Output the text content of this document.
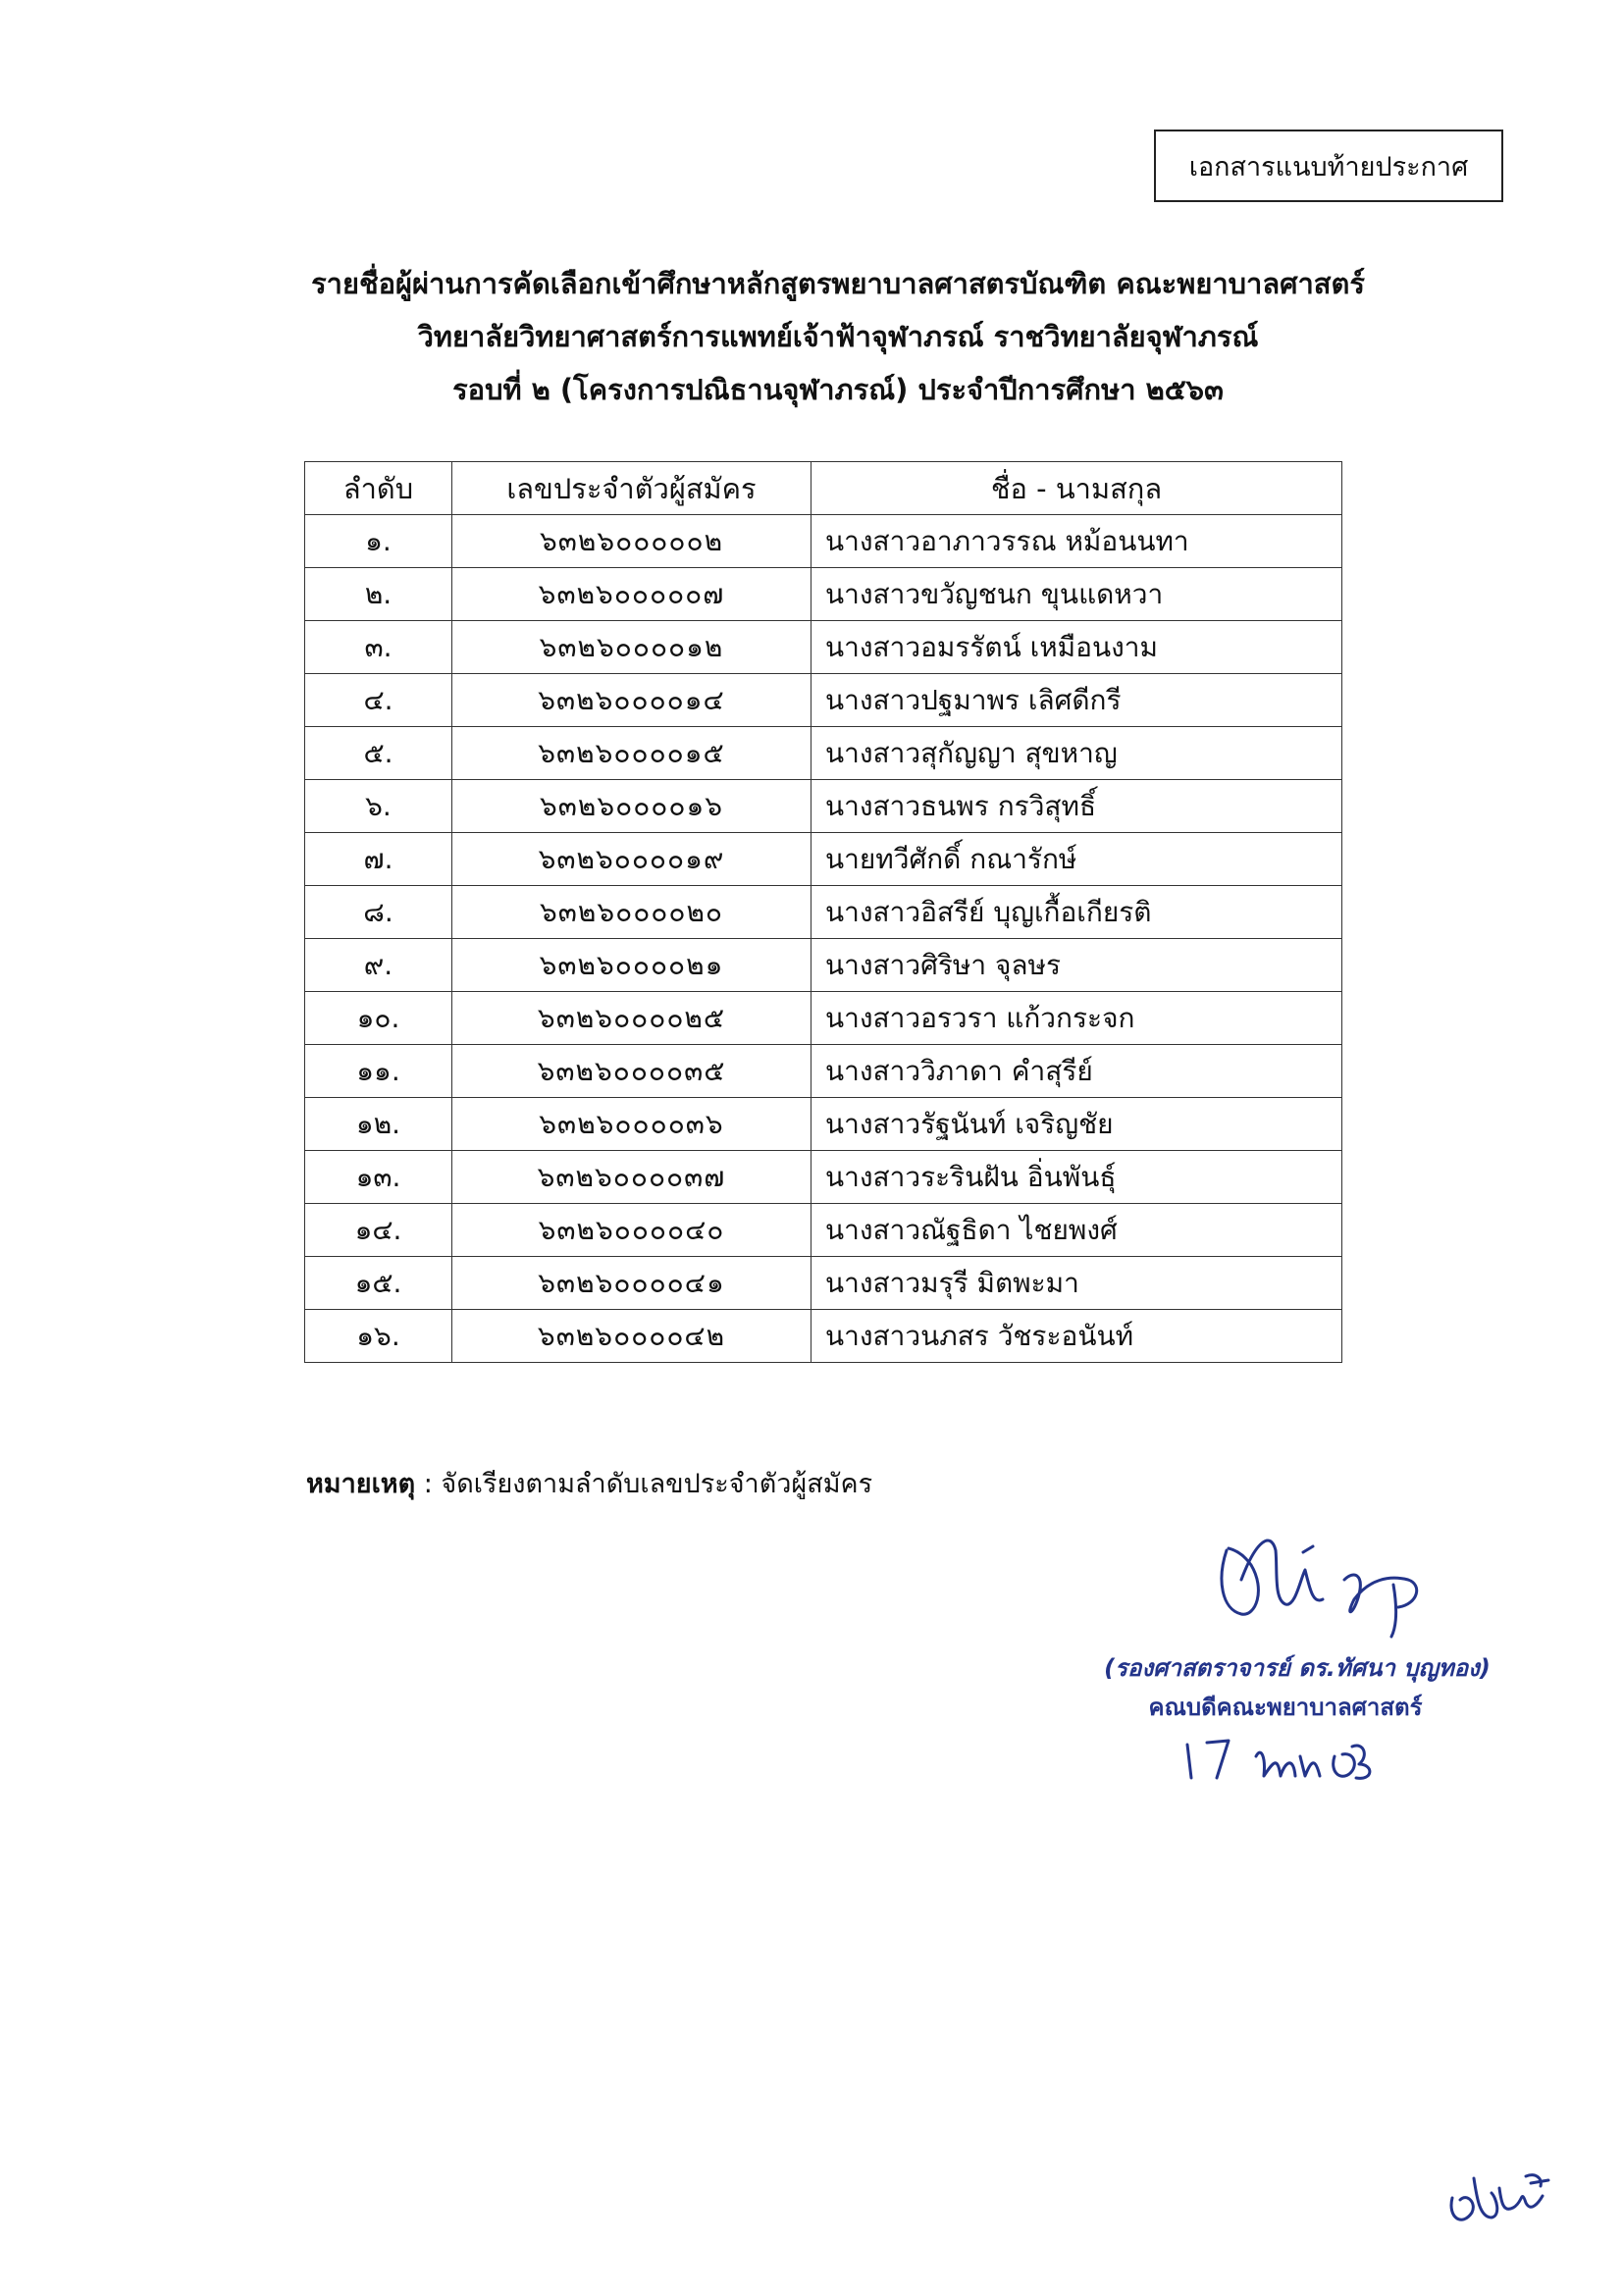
เอกสารแนบท้ายประกาศ
รายชื่อผู้ผ่านการคัดเลือกเข้าศึกษาหลักสูตรพยาบาลศาสตรบัณฑิต คณะพยาบาลศาสตร์
วิทยาลัยวิทยาศาสตร์การแพทย์เจ้าฟ้าจุฬาภรณ์ ราชวิทยาลัยจุฬาภรณ์
รอบที่ ๒ (โครงการปณิธานจุฬาภรณ์) ประจำปีการศึกษา ๒๕๖๓
ลำดับ	เลขประจำตัวผู้สมัคร	ชื่อ - นามสกุล
๑.	๖๓๒๖๐๐๐๐๐๒	นางสาวอาภาวรรณ หม้อนนทา
๒.	๖๓๒๖๐๐๐๐๐๗	นางสาวขวัญชนก ขุนแดหวา
๓.	๖๓๒๖๐๐๐๐๑๒	นางสาวอมรรัตน์ เหมือนงาม
๔.	๖๓๒๖๐๐๐๐๑๔	นางสาวปฐมาพร เลิศดีกรี
๕.	๖๓๒๖๐๐๐๐๑๕	นางสาวสุกัญญา สุขหาญ
๖.	๖๓๒๖๐๐๐๐๑๖	นางสาวธนพร กรวิสุทธิ์
๗.	๖๓๒๖๐๐๐๐๑๙	นายทวีศักดิ์ กณารักษ์
๘.	๖๓๒๖๐๐๐๐๒๐	นางสาวอิสรีย์ บุญเกื้อเกียรติ
๙.	๖๓๒๖๐๐๐๐๒๑	นางสาวศิริษา จุลษร
๑๐.	๖๓๒๖๐๐๐๐๒๕	นางสาวอรวรา แก้วกระจก
๑๑.	๖๓๒๖๐๐๐๐๓๕	นางสาววิภาดา คำสุรีย์
๑๒.	๖๓๒๖๐๐๐๐๓๖	นางสาวรัฐนันท์ เจริญชัย
๑๓.	๖๓๒๖๐๐๐๐๓๗	นางสาวระรินฝัน อิ่นพันธุ์
๑๔.	๖๓๒๖๐๐๐๐๔๐	นางสาวณัฐธิดา ไชยพงศ์
๑๕.	๖๓๒๖๐๐๐๐๔๑	นางสาวมรุรี มิตพะมา
๑๖.	๖๓๒๖๐๐๐๐๔๒	นางสาวนภสร วัชระอนันท์
หมายเหตุ : จัดเรียงตามลำดับเลขประจำตัวผู้สมัคร
(รองศาสตราจารย์ ดร.ทัศนา บุญทอง)
คณบดีคณะพยาบาลศาสตร์
